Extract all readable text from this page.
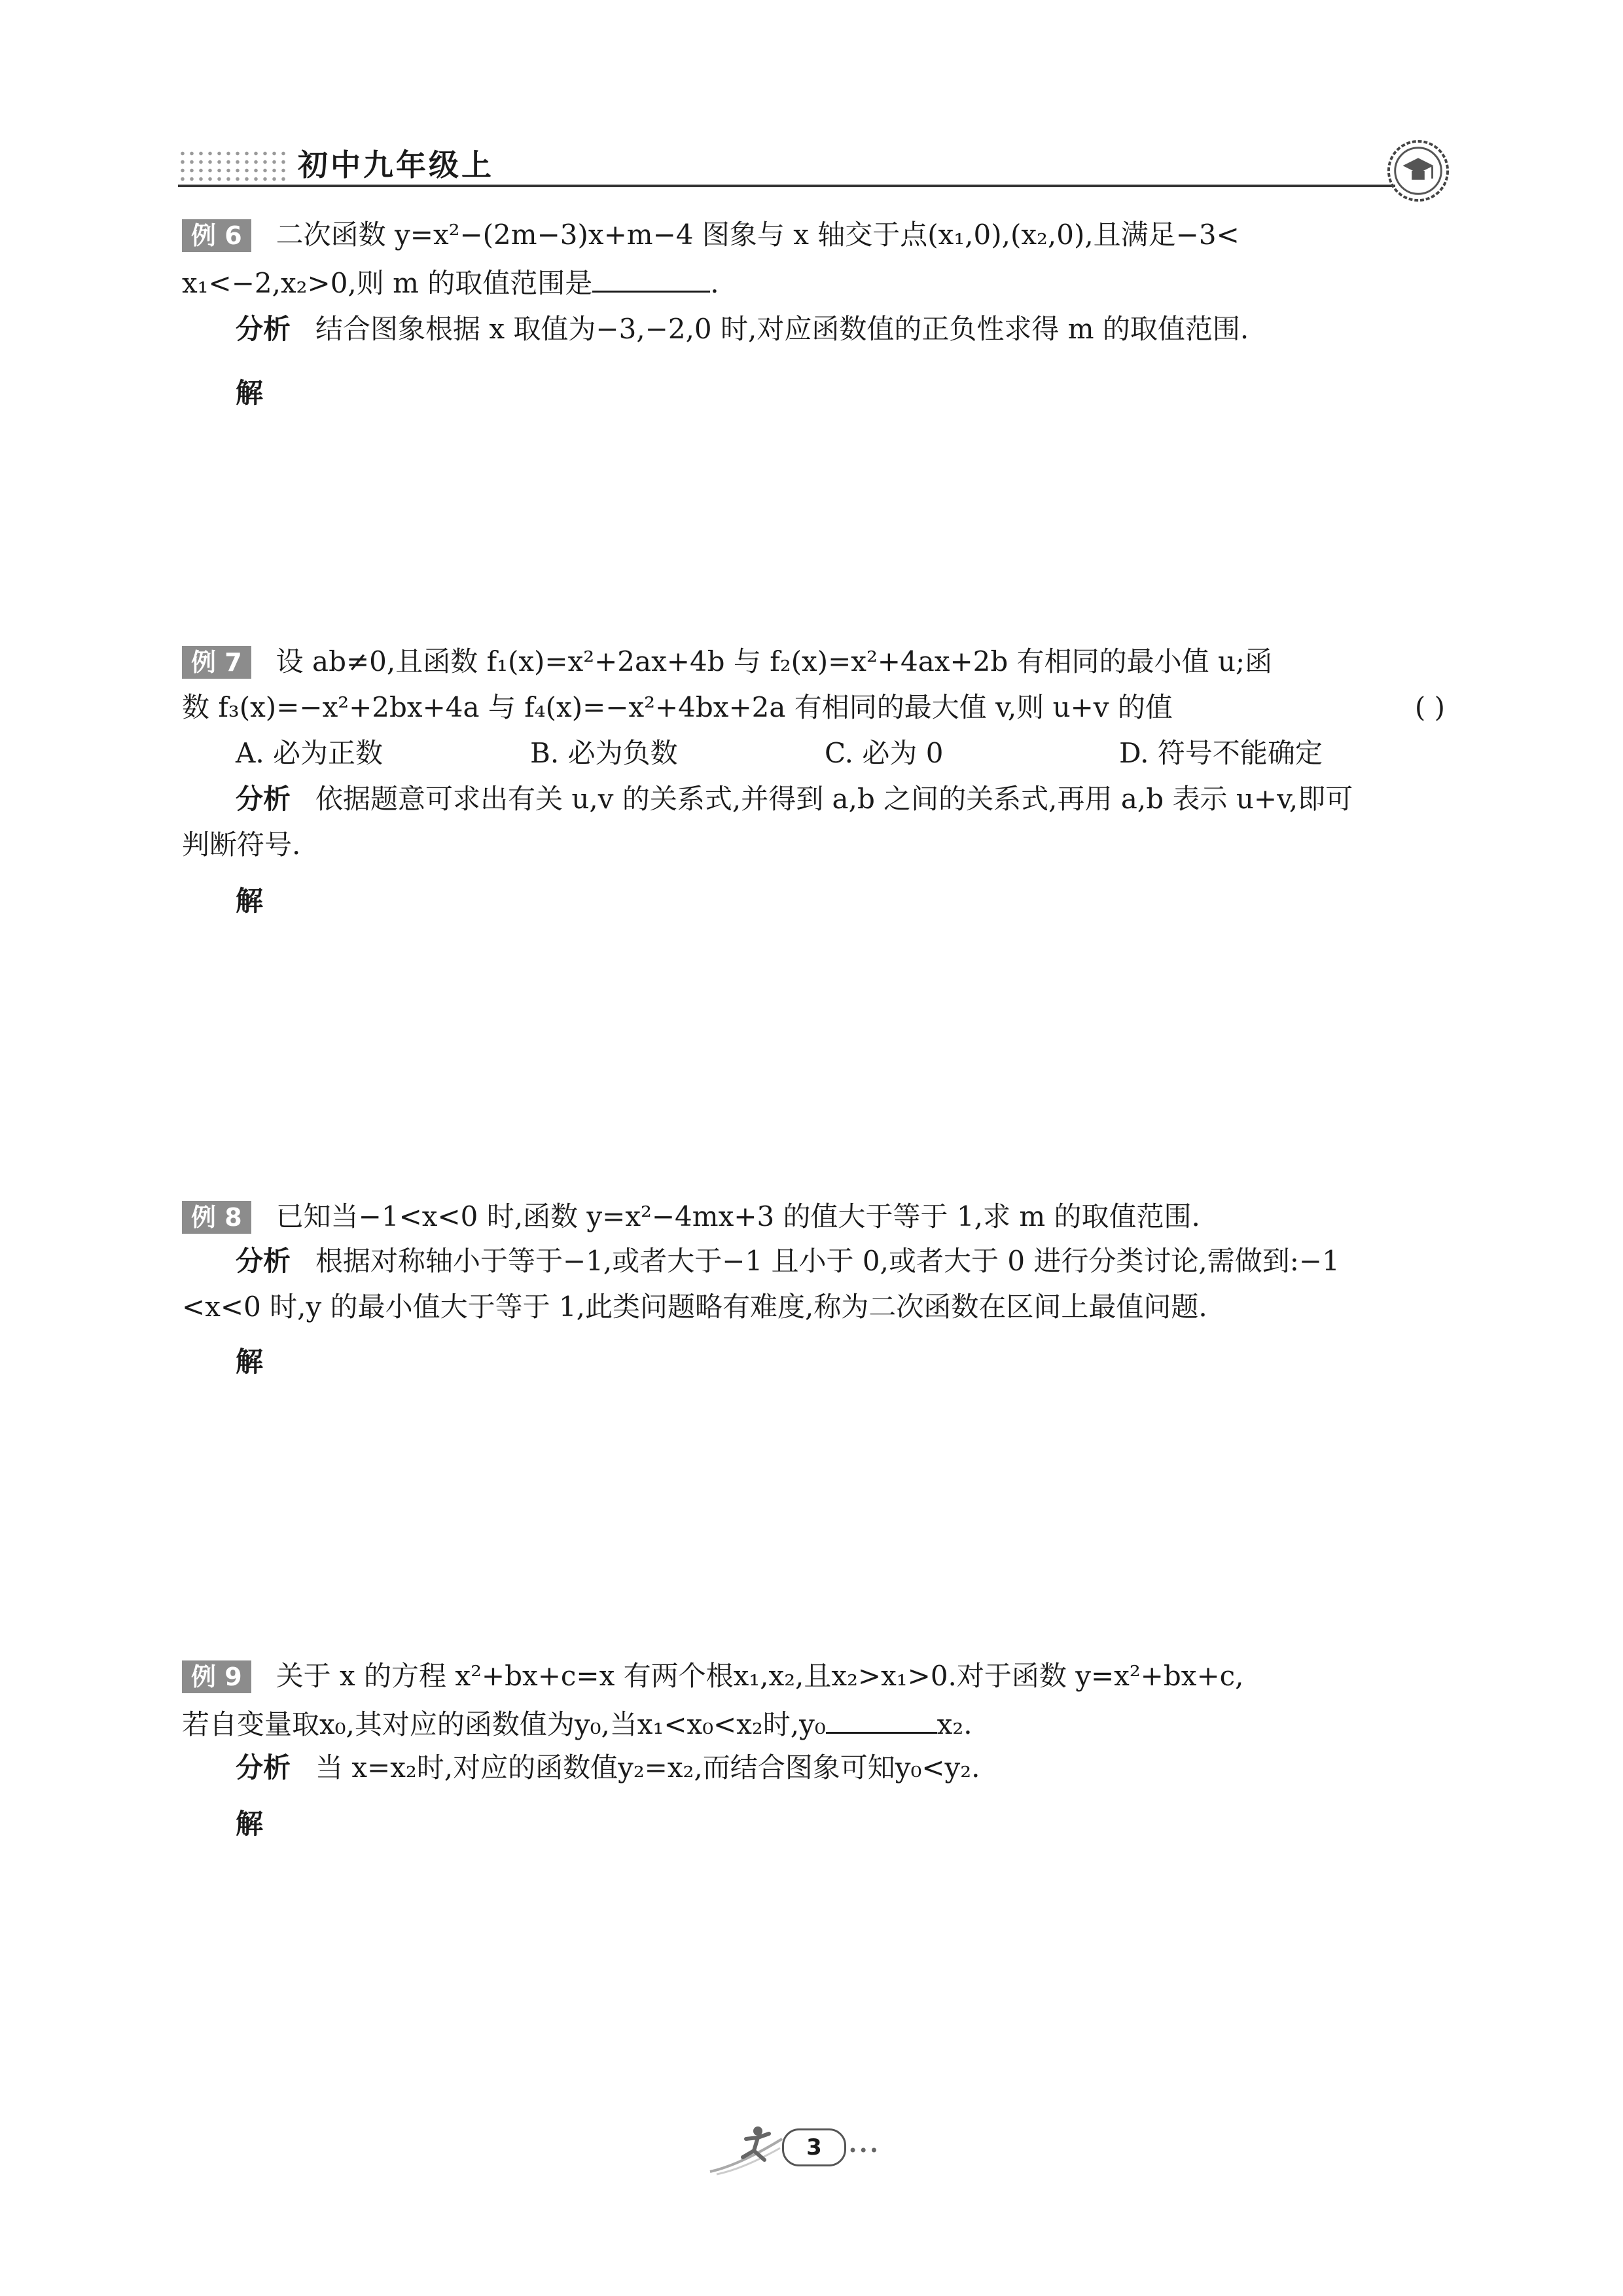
初中九年级上
例 6 二次函数 y=x²−(2m−3)x+m−4 图象与 x 轴交于点(x₁,0),(x₂,0),且满足−3<
x₁<−2,x₂>0,则 m 的取值范围是	.
分析 结合图象根据 x 取值为−3,−2,0 时,对应函数值的正负性求得 m 的取值范围.
解
例 7 设 ab≠0,且函数 f₁(x)=x²+2ax+4b 与 f₂(x)=x²+4ax+2b 有相同的最小值 u;函
数 f₃(x)=−x²+2bx+4a 与 f₄(x)=−x²+4bx+2a 有相同的最大值 v,则 u+v 的值	( )
A. 必为正数	B. 必为负数	C. 必为 0	D. 符号不能确定
分析 依据题意可求出有关 u,v 的关系式,并得到 a,b 之间的关系式,再用 a,b 表示 u+v,即可
判断符号.
解
例 8 已知当−1<x<0 时,函数 y=x²−4mx+3 的值大于等于 1,求 m 的取值范围.
分析 根据对称轴小于等于−1,或者大于−1 且小于 0,或者大于 0 进行分类讨论,需做到:−1
<x<0 时,y 的最小值大于等于 1,此类问题略有难度,称为二次函数在区间上最值问题.
解
例 9 关于 x 的方程 x²+bx+c=x 有两个根x₁,x₂,且x₂>x₁>0.对于函数 y=x²+bx+c,
若自变量取x₀,其对应的函数值为y₀,当x₁<x₀<x₂时,y₀	x₂.
分析 当 x=x₂时,对应的函数值y₂=x₂,而结合图象可知y₀<y₂.
解
3	•••
